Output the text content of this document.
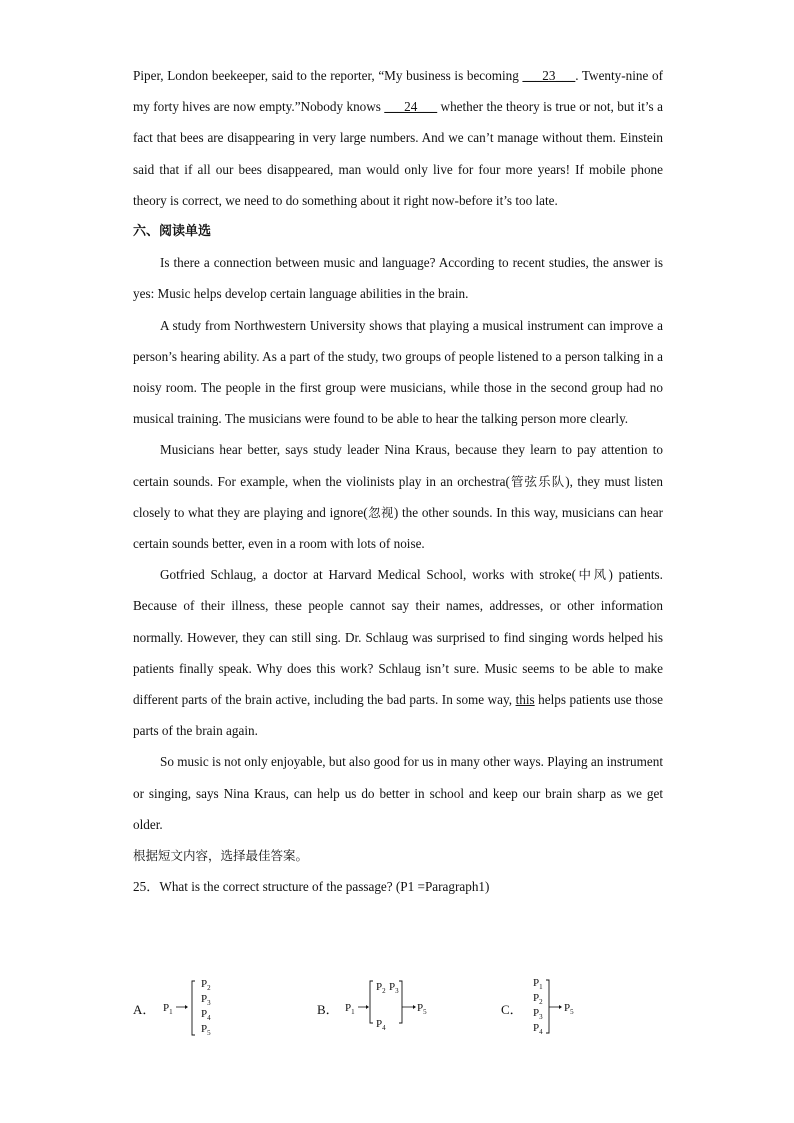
Piper, London beekeeper, said to the reporter, “My business is becoming ___23___. Twenty-nine of my forty hives are now empty.”Nobody knows ___24___ whether the theory is true or not, but it’s a fact that bees are disappearing in very large numbers. And we can’t manage without them. Einstein said that if all our bees disappeared, man would only live for four more years! If mobile phone theory is correct, we need to do something about it right now-before it’s too late.

六、阅读单选

Is there a connection between music and language? According to recent studies, the answer is yes: Music helps develop certain language abilities in the brain.

A study from Northwestern University shows that playing a musical instrument can improve a person’s hearing ability. As a part of the study, two groups of people listened to a person talking in a noisy room. The people in the first group were musicians, while those in the second group had no musical training. The musicians were found to be able to hear the talking person more clearly.

Musicians hear better, says study leader Nina Kraus, because they learn to pay attention to certain sounds. For example, when the violinists play in an orchestra(管弦乐队), they must listen closely to what they are playing and ignore(忽视) the other sounds. In this way, musicians can hear certain sounds better, even in a room with lots of noise.

Gotfried Schlaug, a doctor at Harvard Medical School, works with stroke(中风) patients. Because of their illness, these people cannot say their names, addresses, or other information normally. However, they can still sing. Dr. Schlaug was surprised to find singing words helped his patients finally speak. Why does this work? Schlaug isn’t sure. Music seems to be able to make different parts of the brain active, including the bad parts. In some way, this helps patients use those parts of the brain again.

So music is not only enjoyable, but also good for us in many other ways. Playing an instrument or singing, says Nina Kraus, can help us do better in school and keep our brain sharp as we get older.

根据短文内容，选择最佳答案。

25．What is the correct structure of the passage? (P1 =Paragraph1)

A． $P_1$
$P_2$
$P_3$
$P_4$
$P_5$
B． $P_1$
$P_2$ $P_3$
$P_4$
$P_5$	C．
$P_1$
$P_2$
$P_3$
$P_4$
$P_5$
